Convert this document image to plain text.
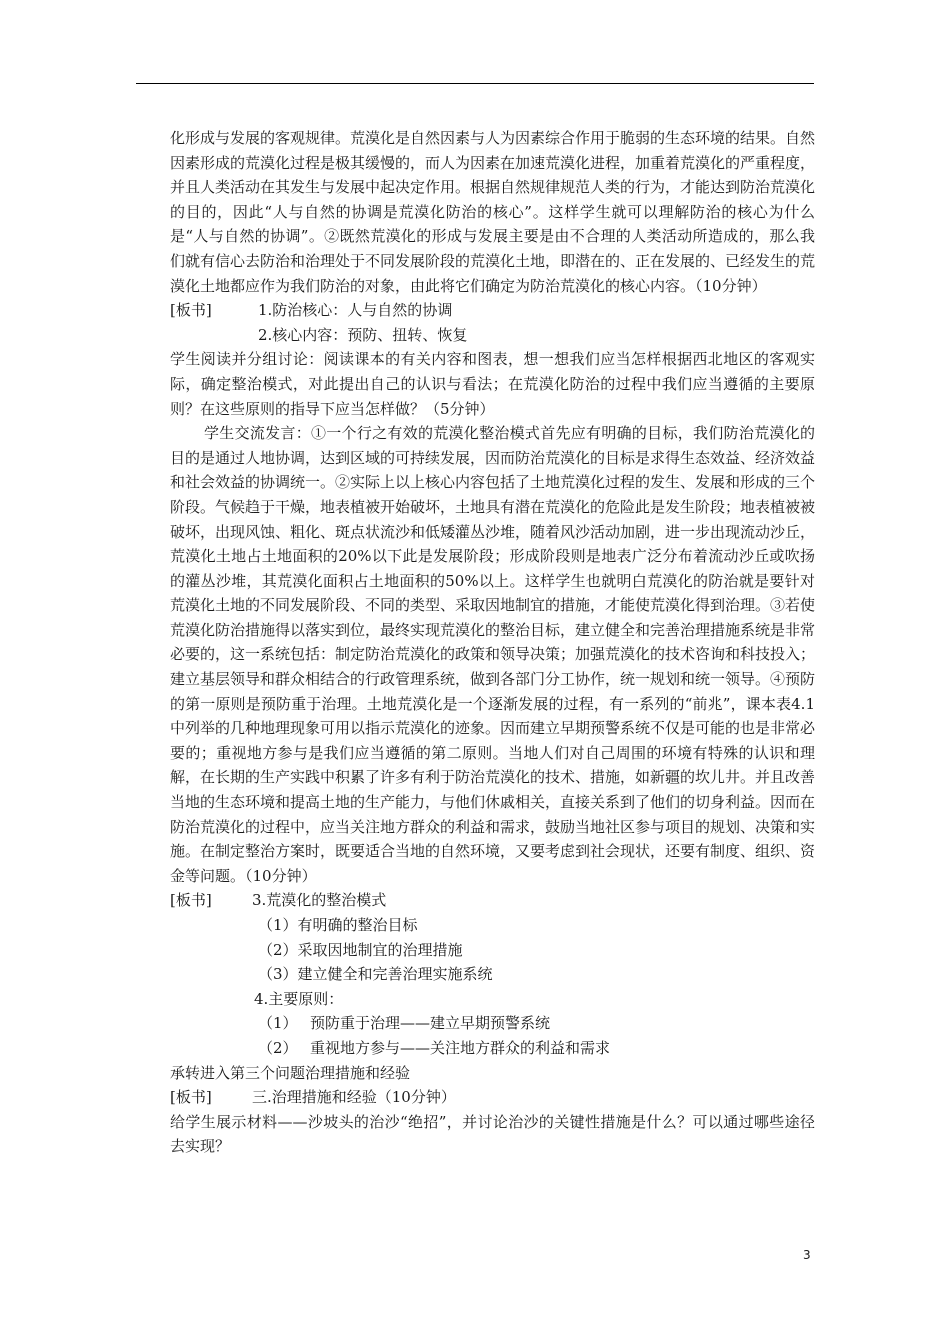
化形成与发展的客观规律。荒漠化是自然因素与人为因素综合作用于脆弱的生态环境的结果。自然因素形成的荒漠化过程是极其缓慢的，而人为因素在加速荒漠化进程，加重着荒漠化的严重程度，并且人类活动在其发生与发展中起决定作用。根据自然规律规范人类的行为，才能达到防治荒漠化的目的，因此“人与自然的协调是荒漠化防治的核心”。这样学生就可以理解防治的核心为什么是“人与自然的协调”。②既然荒漠化的形成与发展主要是由不合理的人类活动所造成的，那么我们就有信心去防治和治理处于不同发展阶段的荒漠化土地，即潜在的、正在发展的、已经发生的荒漠化土地都应作为我们防治的对象，由此将它们确定为防治荒漠化的核心内容。（10分钟）

[板书]	1.防治核心：人与自然的协调

2.核心内容：预防、扭转、恢复

学生阅读并分组讨论：阅读课本的有关内容和图表，想一想我们应当怎样根据西北地区的客观实际，确定整治模式，对此提出自己的认识与看法；在荒漠化防治的过程中我们应当遵循的主要原则？在这些原则的指导下应当怎样做？（5分钟）

学生交流发言：①一个行之有效的荒漠化整治模式首先应有明确的目标，我们防治荒漠化的目的是通过人地协调，达到区域的可持续发展，因而防治荒漠化的目标是求得生态效益、经济效益和社会效益的协调统一。②实际上以上核心内容包括了土地荒漠化过程的发生、发展和形成的三个阶段。气候趋于干燥，地表植被开始破坏，土地具有潜在荒漠化的危险此是发生阶段；地表植被被破坏，出现风蚀、粗化、斑点状流沙和低矮灌丛沙堆，随着风沙活动加剧，进一步出现流动沙丘，荒漠化土地占土地面积的20%以下此是发展阶段；形成阶段则是地表广泛分布着流动沙丘或吹扬的灌丛沙堆，其荒漠化面积占土地面积的50%以上。这样学生也就明白荒漠化的防治就是要针对荒漠化土地的不同发展阶段、不同的类型、采取因地制宜的措施，才能使荒漠化得到治理。③若使荒漠化防治措施得以落实到位，最终实现荒漠化的整治目标，建立健全和完善治理措施系统是非常必要的，这一系统包括：制定防治荒漠化的政策和领导决策；加强荒漠化的技术咨询和科技投入；建立基层领导和群众相结合的行政管理系统，做到各部门分工协作，统一规划和统一领导。④预防的第一原则是预防重于治理。土地荒漠化是一个逐渐发展的过程，有一系列的“前兆”，课本表4.1中列举的几种地理现象可用以指示荒漠化的迹象。因而建立早期预警系统不仅是可能的也是非常必要的；重视地方参与是我们应当遵循的第二原则。当地人们对自己周围的环境有特殊的认识和理解，在长期的生产实践中积累了许多有利于防治荒漠化的技术、措施，如新疆的坎儿井。并且改善当地的生态环境和提高土地的生产能力，与他们休戚相关，直接关系到了他们的切身利益。因而在防治荒漠化的过程中，应当关注地方群众的利益和需求，鼓励当地社区参与项目的规划、决策和实施。在制定整治方案时，既要适合当地的自然环境，又要考虑到社会现状，还要有制度、组织、资金等问题。（10分钟）

[板书]	3.荒漠化的整治模式

（1）有明确的整治目标

（2）采取因地制宜的治理措施

（3）建立健全和完善治理实施系统

4.主要原则：

（1） 预防重于治理——建立早期预警系统

（2） 重视地方参与——关注地方群众的利益和需求

承转进入第三个问题治理措施和经验

[板书]	三.治理措施和经验（10分钟）

给学生展示材料——沙坡头的治沙“绝招”，并讨论治沙的关键性措施是什么？可以通过哪些途径去实现？

3
